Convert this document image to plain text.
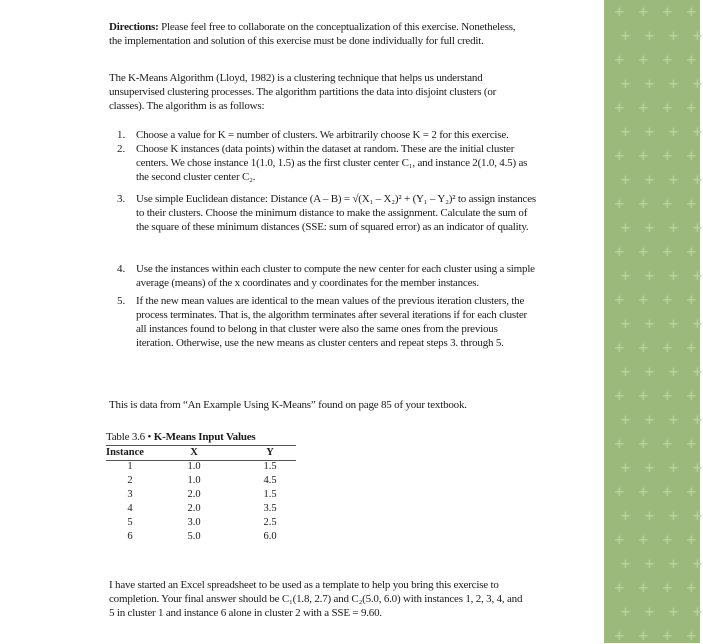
Directions: Please feel free to collaborate on the conceptualization of this exercise. Nonetheless, the implementation and solution of this exercise must be done individually for full credit.
The K-Means Algorithm (Lloyd, 1982) is a clustering technique that helps us understand unsupervised clustering processes. The algorithm partitions the data into disjoint clusters (or classes). The algorithm is as follows:
1. Choose a value for K = number of clusters. We arbitrarily choose K = 2 for this exercise.
2. Choose K instances (data points) within the dataset at random. These are the initial cluster centers. We chose instance 1(1.0, 1.5) as the first cluster center C₁, and instance 2(1.0, 4.5) as the second cluster center C₂.
3. Use simple Euclidean distance: Distance (A – B) = √(X₁ – X₂)² + (Y₁ – Y₂)² to assign instances to their clusters. Choose the minimum distance to make the assignment. Calculate the sum of the square of these minimum distances (SSE: sum of squared error) as an indicator of quality.
4. Use the instances within each cluster to compute the new center for each cluster using a simple average (means) of the x coordinates and y coordinates for the member instances.
5. If the new mean values are identical to the mean values of the previous iteration clusters, the process terminates. That is, the algorithm terminates after several iterations if for each cluster all instances found to belong in that cluster were also the same ones from the previous iteration. Otherwise, use the new means as cluster centers and repeat steps 3. through 5.
This is data from “An Example Using K-Means” found on page 85 of your textbook.
Table 3.6 • K-Means Input Values
Instance	X	Y
1	1.0	1.5
2	1.0	4.5
3	2.0	1.5
4	2.0	3.5
5	3.0	2.5
6	5.0	6.0
I have started an Excel spreadsheet to be used as a template to help you bring this exercise to completion. Your final answer should be C₁(1.8, 2.7) and C₂(5.0, 6.0) with instances 1, 2, 3, 4, and 5 in cluster 1 and instance 6 alone in cluster 2 with a SSE = 9.60.
+ + + +
+ + + +
+ + + +
+ + + +
+ + + +
+ + + +
+ + + +
+ + + +
+ + + +
+ + + +
+ + + +
+ + + +
+ + + +
+ + + +
+ + + +
+ + + +
+ + + +
+ + + +
+ + + +
+ + + +
+ + + +
+ + + +
+ + + +
+ + + +
+ + + +
+ + + +
+ + + +
